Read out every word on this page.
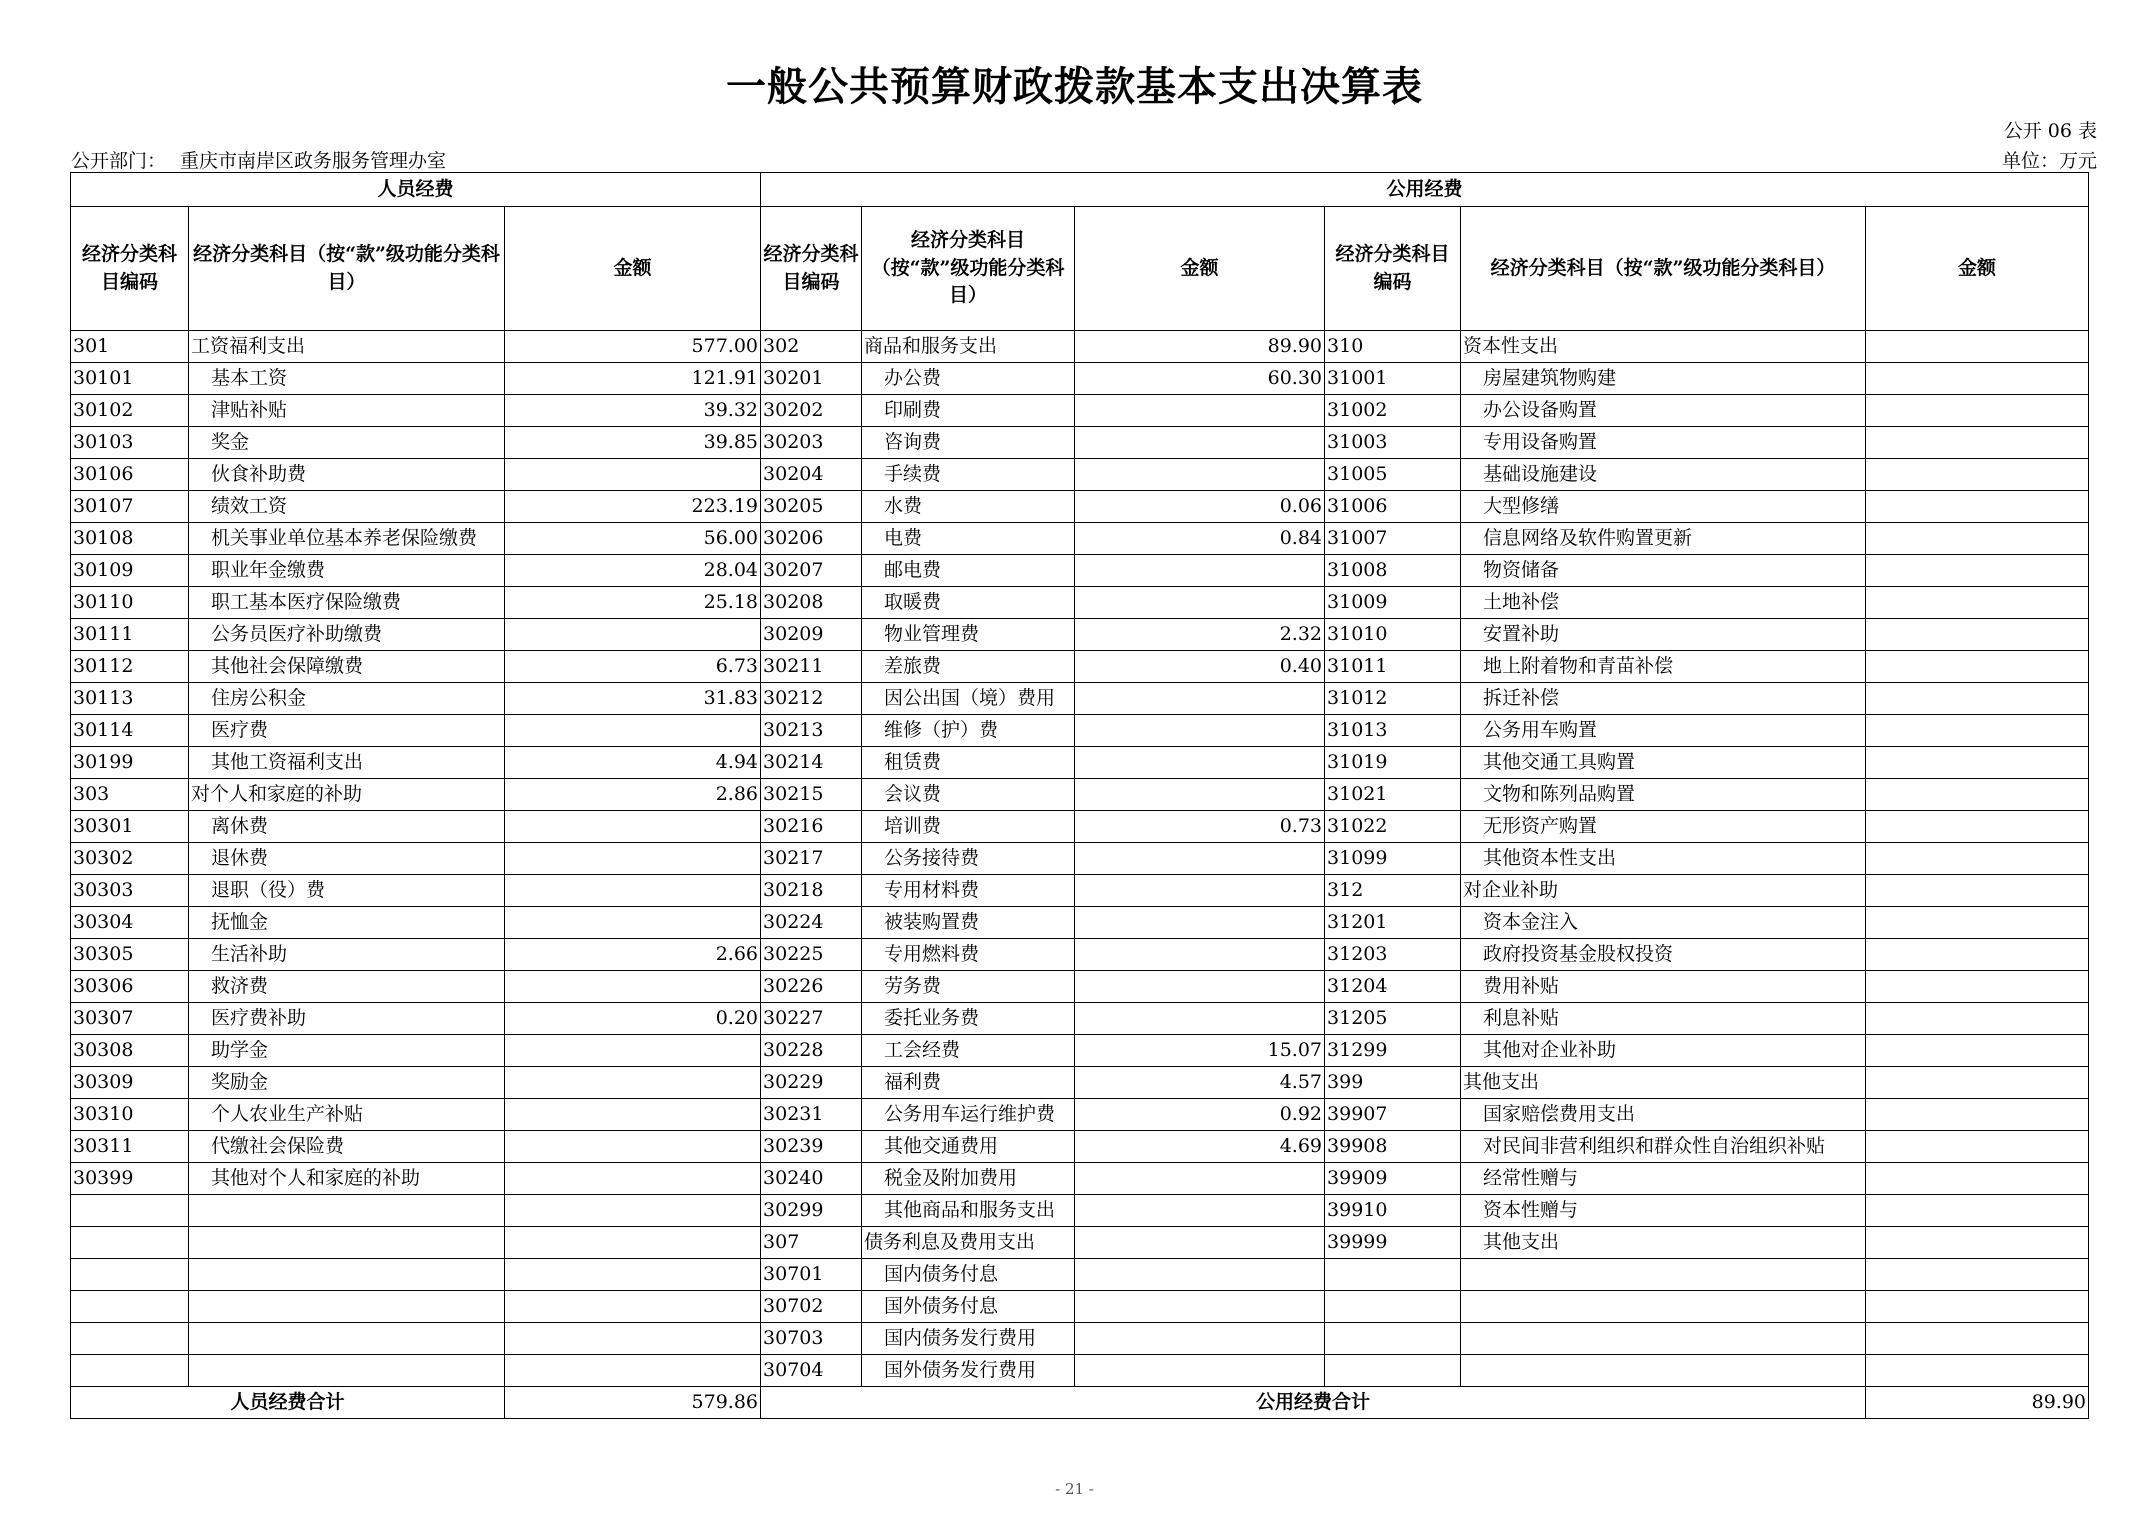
一般公共预算财政拨款基本支出决算表
公开 06 表
公开部门： 重庆市南岸区政务服务管理办室	单位：万元
人员经费			公用经费					
经济分类科目编码	经济分类科目（按“款”级功能分类科目）	金额	经济分类科目编码	经济分类科目（按“款”级功能分类科目）	金额	经济分类科目编码	经济分类科目（按“款”级功能分类科目）	金额
301	工资福利支出	577.00	302	商品和服务支出	89.90	310	资本性支出	
30101	基本工资	121.91	30201	办公费	60.30	31001	房屋建筑物购建	
30102	津贴补贴	39.32	30202	印刷费		31002	办公设备购置	
30103	奖金	39.85	30203	咨询费		31003	专用设备购置	
30106	伙食补助费		30204	手续费		31005	基础设施建设	
30107	绩效工资	223.19	30205	水费	0.06	31006	大型修缮	
30108	机关事业单位基本养老保险缴费	56.00	30206	电费	0.84	31007	信息网络及软件购置更新	
30109	职业年金缴费	28.04	30207	邮电费		31008	物资储备	
30110	职工基本医疗保险缴费	25.18	30208	取暖费		31009	土地补偿	
30111	公务员医疗补助缴费		30209	物业管理费	2.32	31010	安置补助	
30112	其他社会保障缴费	6.73	30211	差旅费	0.40	31011	地上附着物和青苗补偿	
30113	住房公积金	31.83	30212	因公出国（境）费用		31012	拆迁补偿	
30114	医疗费		30213	维修（护）费		31013	公务用车购置	
30199	其他工资福利支出	4.94	30214	租赁费		31019	其他交通工具购置	
303	对个人和家庭的补助	2.86	30215	会议费		31021	文物和陈列品购置	
30301	离休费		30216	培训费	0.73	31022	无形资产购置	
30302	退休费		30217	公务接待费		31099	其他资本性支出	
30303	退职（役）费		30218	专用材料费		312	对企业补助	
30304	抚恤金		30224	被装购置费		31201	资本金注入	
30305	生活补助	2.66	30225	专用燃料费		31203	政府投资基金股权投资	
30306	救济费		30226	劳务费		31204	费用补贴	
30307	医疗费补助	0.20	30227	委托业务费		31205	利息补贴	
30308	助学金		30228	工会经费	15.07	31299	其他对企业补助	
30309	奖励金		30229	福利费	4.57	399	其他支出	
30310	个人农业生产补贴		30231	公务用车运行维护费	0.92	39907	国家赔偿费用支出	
30311	代缴社会保险费		30239	其他交通费用	4.69	39908	对民间非营利组织和群众性自治组织补贴	
30399	其他对个人和家庭的补助		30240	税金及附加费用		39909	经常性赠与	
			30299	其他商品和服务支出		39910	资本性赠与	
			307	债务利息及费用支出		39999	其他支出	
			30701	国内债务付息				
			30702	国外债务付息				
			30703	国内债务发行费用				
			30704	国外债务发行费用				
人员经费合计		579.86	公用经费合计					89.90
- 21 -
